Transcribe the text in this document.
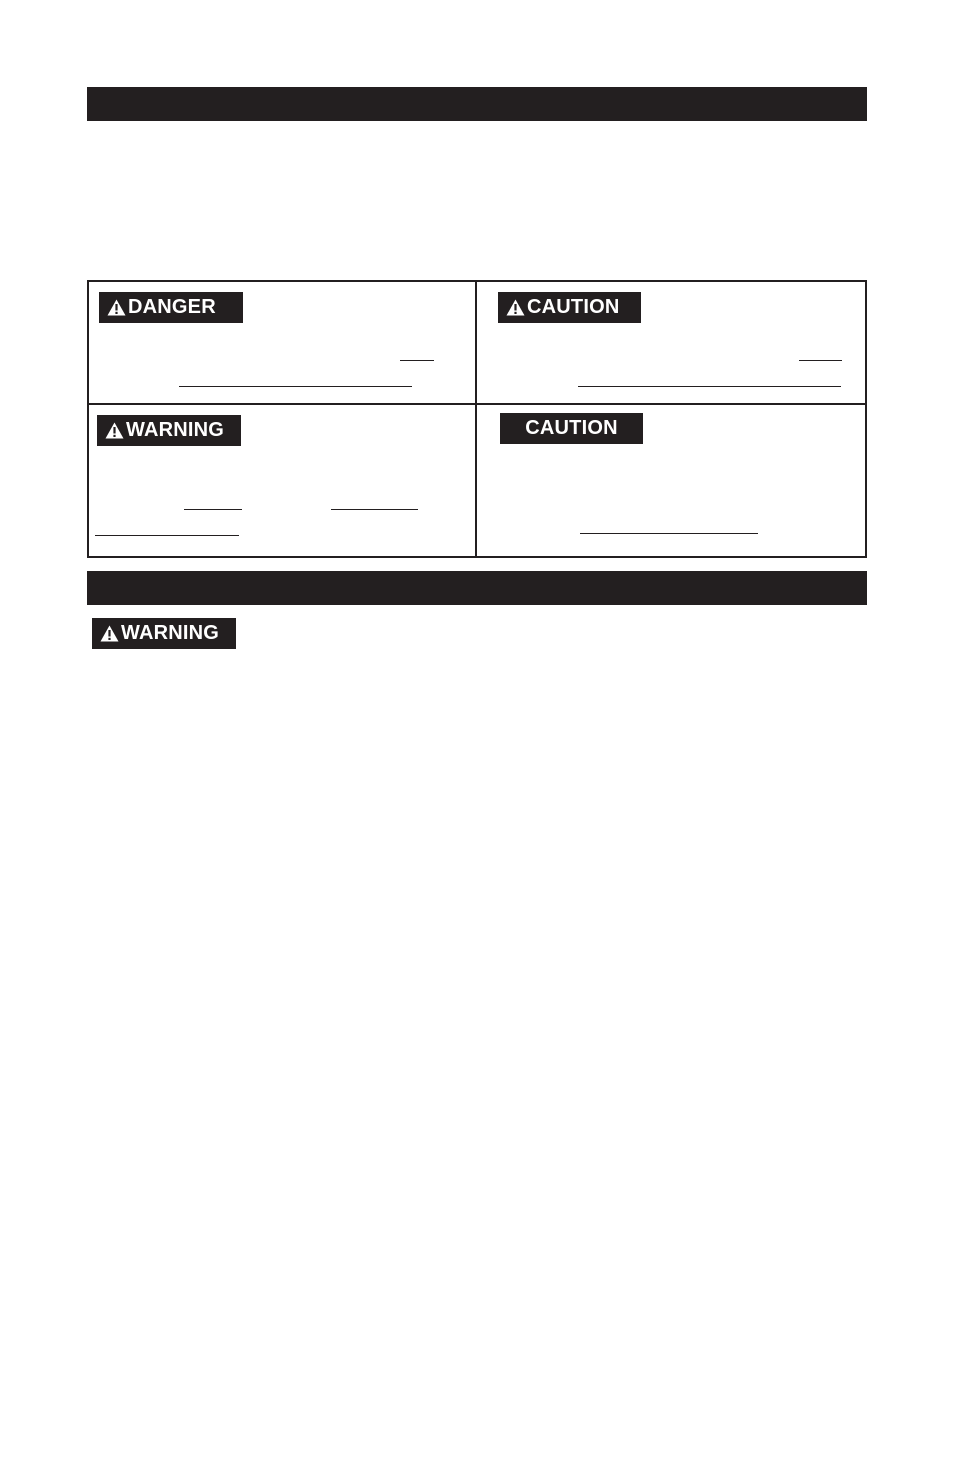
DANGER	CAUTION
WARNING	CAUTION
WARNING
